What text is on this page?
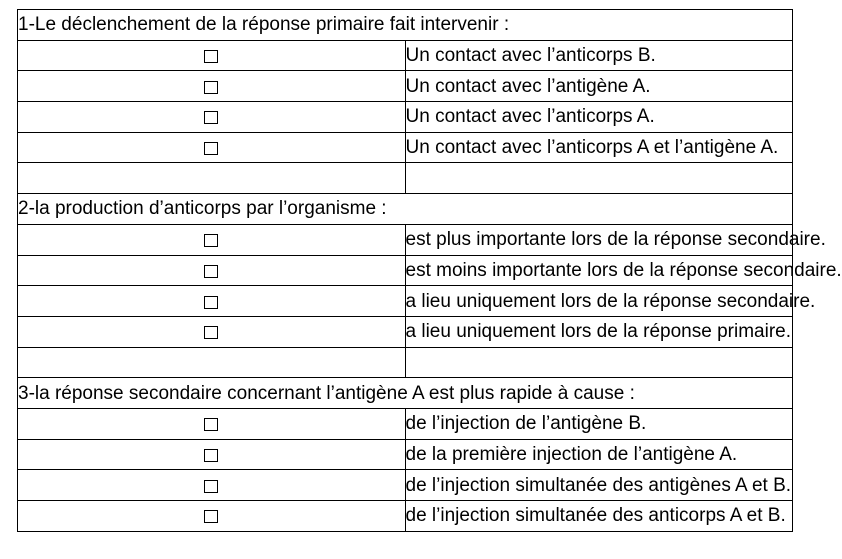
1-Le déclenchement de la réponse primaire fait intervenir :	
	Un contact avec l’anticorps B.
	Un contact avec l’antigène A.
	Un contact avec l’anticorps A.
	Un contact avec l’anticorps A et l’antigène A.

2-la production d’anticorps par l’organisme :	
	est plus importante lors de la réponse secondaire.
	est moins importante lors de la réponse secondaire.
	a lieu uniquement lors de la réponse secondaire.
	a lieu uniquement lors de la réponse primaire.

3-la réponse secondaire concernant l’antigène A est plus rapide à cause :	
	de l’injection de l’antigène B.
	de la première injection de l’antigène A.
	de l’injection simultanée des antigènes A et B.
	de l’injection simultanée des anticorps A et B.
